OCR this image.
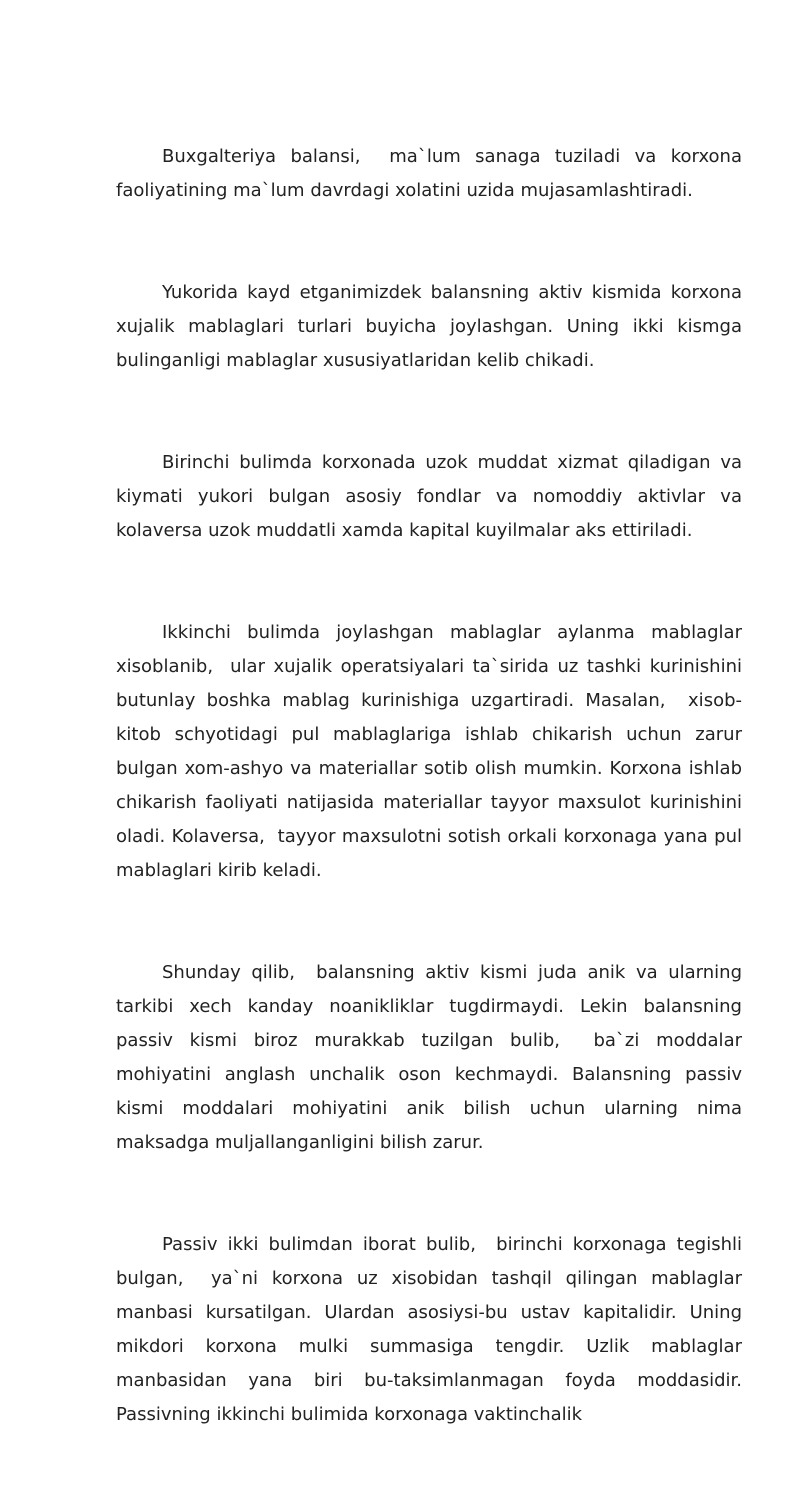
Buxgalteriya balansi,  ma`lum sanaga tuziladi va korxona faoliyatining ma`lum davrdagi xolatini uzida mujasamlashtiradi.

Yukorida kayd etganimizdek balansning aktiv kismida korxona xujalik mablaglari turlari buyicha joylashgan. Uning ikki kismga bulinganligi mablaglar xususiyatlaridan kelib chikadi.

Birinchi bulimda korxonada uzok muddat xizmat qiladigan va kiymati yukori bulgan asosiy fondlar va nomoddiy aktivlar va kolaversa uzok muddatli xamda kapital kuyilmalar aks ettiriladi.

Ikkinchi bulimda joylashgan mablaglar aylanma mablaglar xisoblanib,  ular xujalik operatsiyalari ta`sirida uz tashki kurinishini butunlay boshka mablag kurinishiga uzgartiradi. Masalan,  xisob-kitob schyotidagi pul mablaglariga ishlab chikarish uchun zarur bulgan xom-ashyo va materiallar sotib olish mumkin. Korxona ishlab chikarish faoliyati natijasida materiallar tayyor maxsulot kurinishini oladi. Kolaversa,  tayyor maxsulotni sotish orkali korxonaga yana pul mablaglari kirib keladi.

Shunday qilib,  balansning aktiv kismi juda anik va ularning tarkibi xech kanday noanikliklar tugdirmaydi. Lekin balansning passiv kismi biroz murakkab tuzilgan bulib,  ba`zi moddalar mohiyatini anglash unchalik oson kechmaydi. Balansning passiv kismi moddalari mohiyatini anik bilish uchun ularning nima maksadga muljallanganligini bilish zarur.

Passiv ikki bulimdan iborat bulib,  birinchi korxonaga tegishli bulgan,  ya`ni korxona uz xisobidan tashqil qilingan mablaglar manbasi kursatilgan. Ulardan asosiysi-bu ustav kapitalidir. Uning mikdori korxona mulki summasiga tengdir. Uzlik mablaglar manbasidan yana biri bu-taksimlanmagan foyda moddasidir. Passivning ikkinchi bulimida korxonaga vaktinchalik
